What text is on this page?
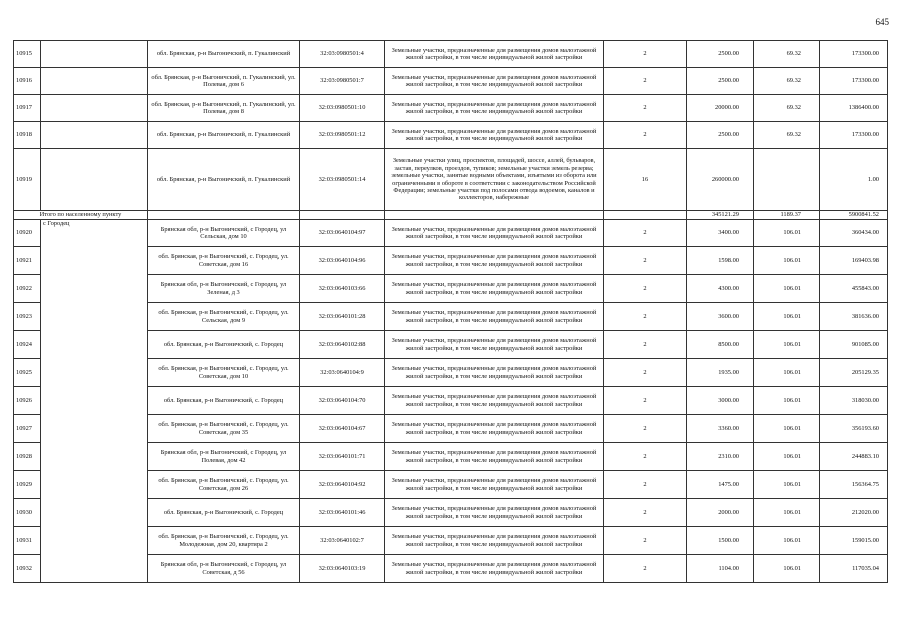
645
10915		обл. Брянская, р-н Выгоничский, п. Гукалинский	32:03:0980501:4	Земельные участки, предназначенные для размещения домов малоэтажной жилой застройки, в том числе индивидуальной жилой застройки	2	2500.00	69.32	173300.00
10916		обл. Брянская, р-н Выгоничский, п. Гукалинский, ул. Полевая, дом 6	32:03:0980501:7	Земельные участки, предназначенные для размещения домов малоэтажной жилой застройки, в том числе индивидуальной жилой застройки	2	2500.00	69.32	173300.00
10917		обл. Брянская, р-н Выгоничский, п. Гукалинский, ул. Полевая, дом 8	32:03:0980501:10	Земельные участки, предназначенные для размещения домов малоэтажной жилой застройки, в том числе индивидуальной жилой застройки	2	20000.00	69.32	1386400.00
10918		обл. Брянская, р-н Выгоничский, п. Гукалинский	32:03:0980501:12	Земельные участки, предназначенные для размещения домов малоэтажной жилой застройки, в том числе индивидуальной жилой застройки	2	2500.00	69.32	173300.00
10919		обл. Брянская, р-н Выгоничский, п. Гукалинский	32:03:0980501:14	Земельные участки улиц, проспектов, площадей, шоссе, аллей, бульваров, застав, переулков, проездов, тупиков; земельные участки земель резерва; земельные участки, занятые водными объектами, изъятыми из оборота или ограниченными в обороте в соответствии с законодательством Российской Федерации; земельные участки под полосами отвода водоемов, каналов и коллекторов, набережные	16	260000.00		1.00
Итого по населенному пункту						345121.29	1189.37	5900841.52
10920	с Городец	Брянская обл, р-н Выгоничский, с Городец, ул Сельская, дом 10	32:03:0640104:97	Земельные участки, предназначенные для размещения домов малоэтажной жилой застройки, в том числе индивидуальной жилой застройки	2	3400.00	106.01	360434.00
10921		обл. Брянская, р-н Выгоничский, с. Городец, ул. Советская, дом 16	32:03:0640104:96	Земельные участки, предназначенные для размещения домов малоэтажной жилой застройки, в том числе индивидуальной жилой застройки	2	1598.00	106.01	169403.98
10922		Брянская обл, р-н Выгоничский, с Городец, ул Зеленая, д 3	32:03:0640103:66	Земельные участки, предназначенные для размещения домов малоэтажной жилой застройки, в том числе индивидуальной жилой застройки	2	4300.00	106.01	455843.00
10923		обл. Брянская, р-н Выгоничский, с. Городец, ул. Сельская, дом 9	32:03:0640101:28	Земельные участки, предназначенные для размещения домов малоэтажной жилой застройки, в том числе индивидуальной жилой застройки	2	3600.00	106.01	381636.00
10924		обл. Брянская, р-н Выгоничский, с. Городец	32:03:0640102:88	Земельные участки, предназначенные для размещения домов малоэтажной жилой застройки, в том числе индивидуальной жилой застройки	2	8500.00	106.01	901085.00
10925		обл. Брянская, р-н Выгоничский, с. Городец, ул. Советская, дом 10	32:03:0640104:9	Земельные участки, предназначенные для размещения домов малоэтажной жилой застройки, в том числе индивидуальной жилой застройки	2	1935.00	106.01	205129.35
10926		обл. Брянская, р-н Выгоничский, с. Городец	32:03:0640104:70	Земельные участки, предназначенные для размещения домов малоэтажной жилой застройки, в том числе индивидуальной жилой застройки	2	3000.00	106.01	318030.00
10927		обл. Брянская, р-н Выгоничский, с. Городец, ул. Советская, дом 35	32:03:0640104:67	Земельные участки, предназначенные для размещения домов малоэтажной жилой застройки, в том числе индивидуальной жилой застройки	2	3360.00	106.01	356193.60
10928		Брянская обл, р-н Выгоничский, с Городец, ул Полевая, дом 42	32:03:0640101:71	Земельные участки, предназначенные для размещения домов малоэтажной жилой застройки, в том числе индивидуальной жилой застройки	2	2310.00	106.01	244883.10
10929		обл. Брянская, р-н Выгоничский, с. Городец, ул. Советская, дом 26	32:03:0640104:92	Земельные участки, предназначенные для размещения домов малоэтажной жилой застройки, в том числе индивидуальной жилой застройки	2	1475.00	106.01	156364.75
10930		обл. Брянская, р-н Выгоничский, с. Городец	32:03:0640101:46	Земельные участки, предназначенные для размещения домов малоэтажной жилой застройки, в том числе индивидуальной жилой застройки	2	2000.00	106.01	212020.00
10931		обл. Брянская, р-н Выгоничский, с. Городец, ул. Молодежная, дом 20, квартира 2	32:03:0640102:7	Земельные участки, предназначенные для размещения домов малоэтажной жилой застройки, в том числе индивидуальной жилой застройки	2	1500.00	106.01	159015.00
10932		Брянская обл, р-н Выгоничский, с Городец, ул Советская, д 56	32:03:0640103:19	Земельные участки, предназначенные для размещения домов малоэтажной жилой застройки, в том числе индивидуальной жилой застройки	2	1104.00	106.01	117035.04
